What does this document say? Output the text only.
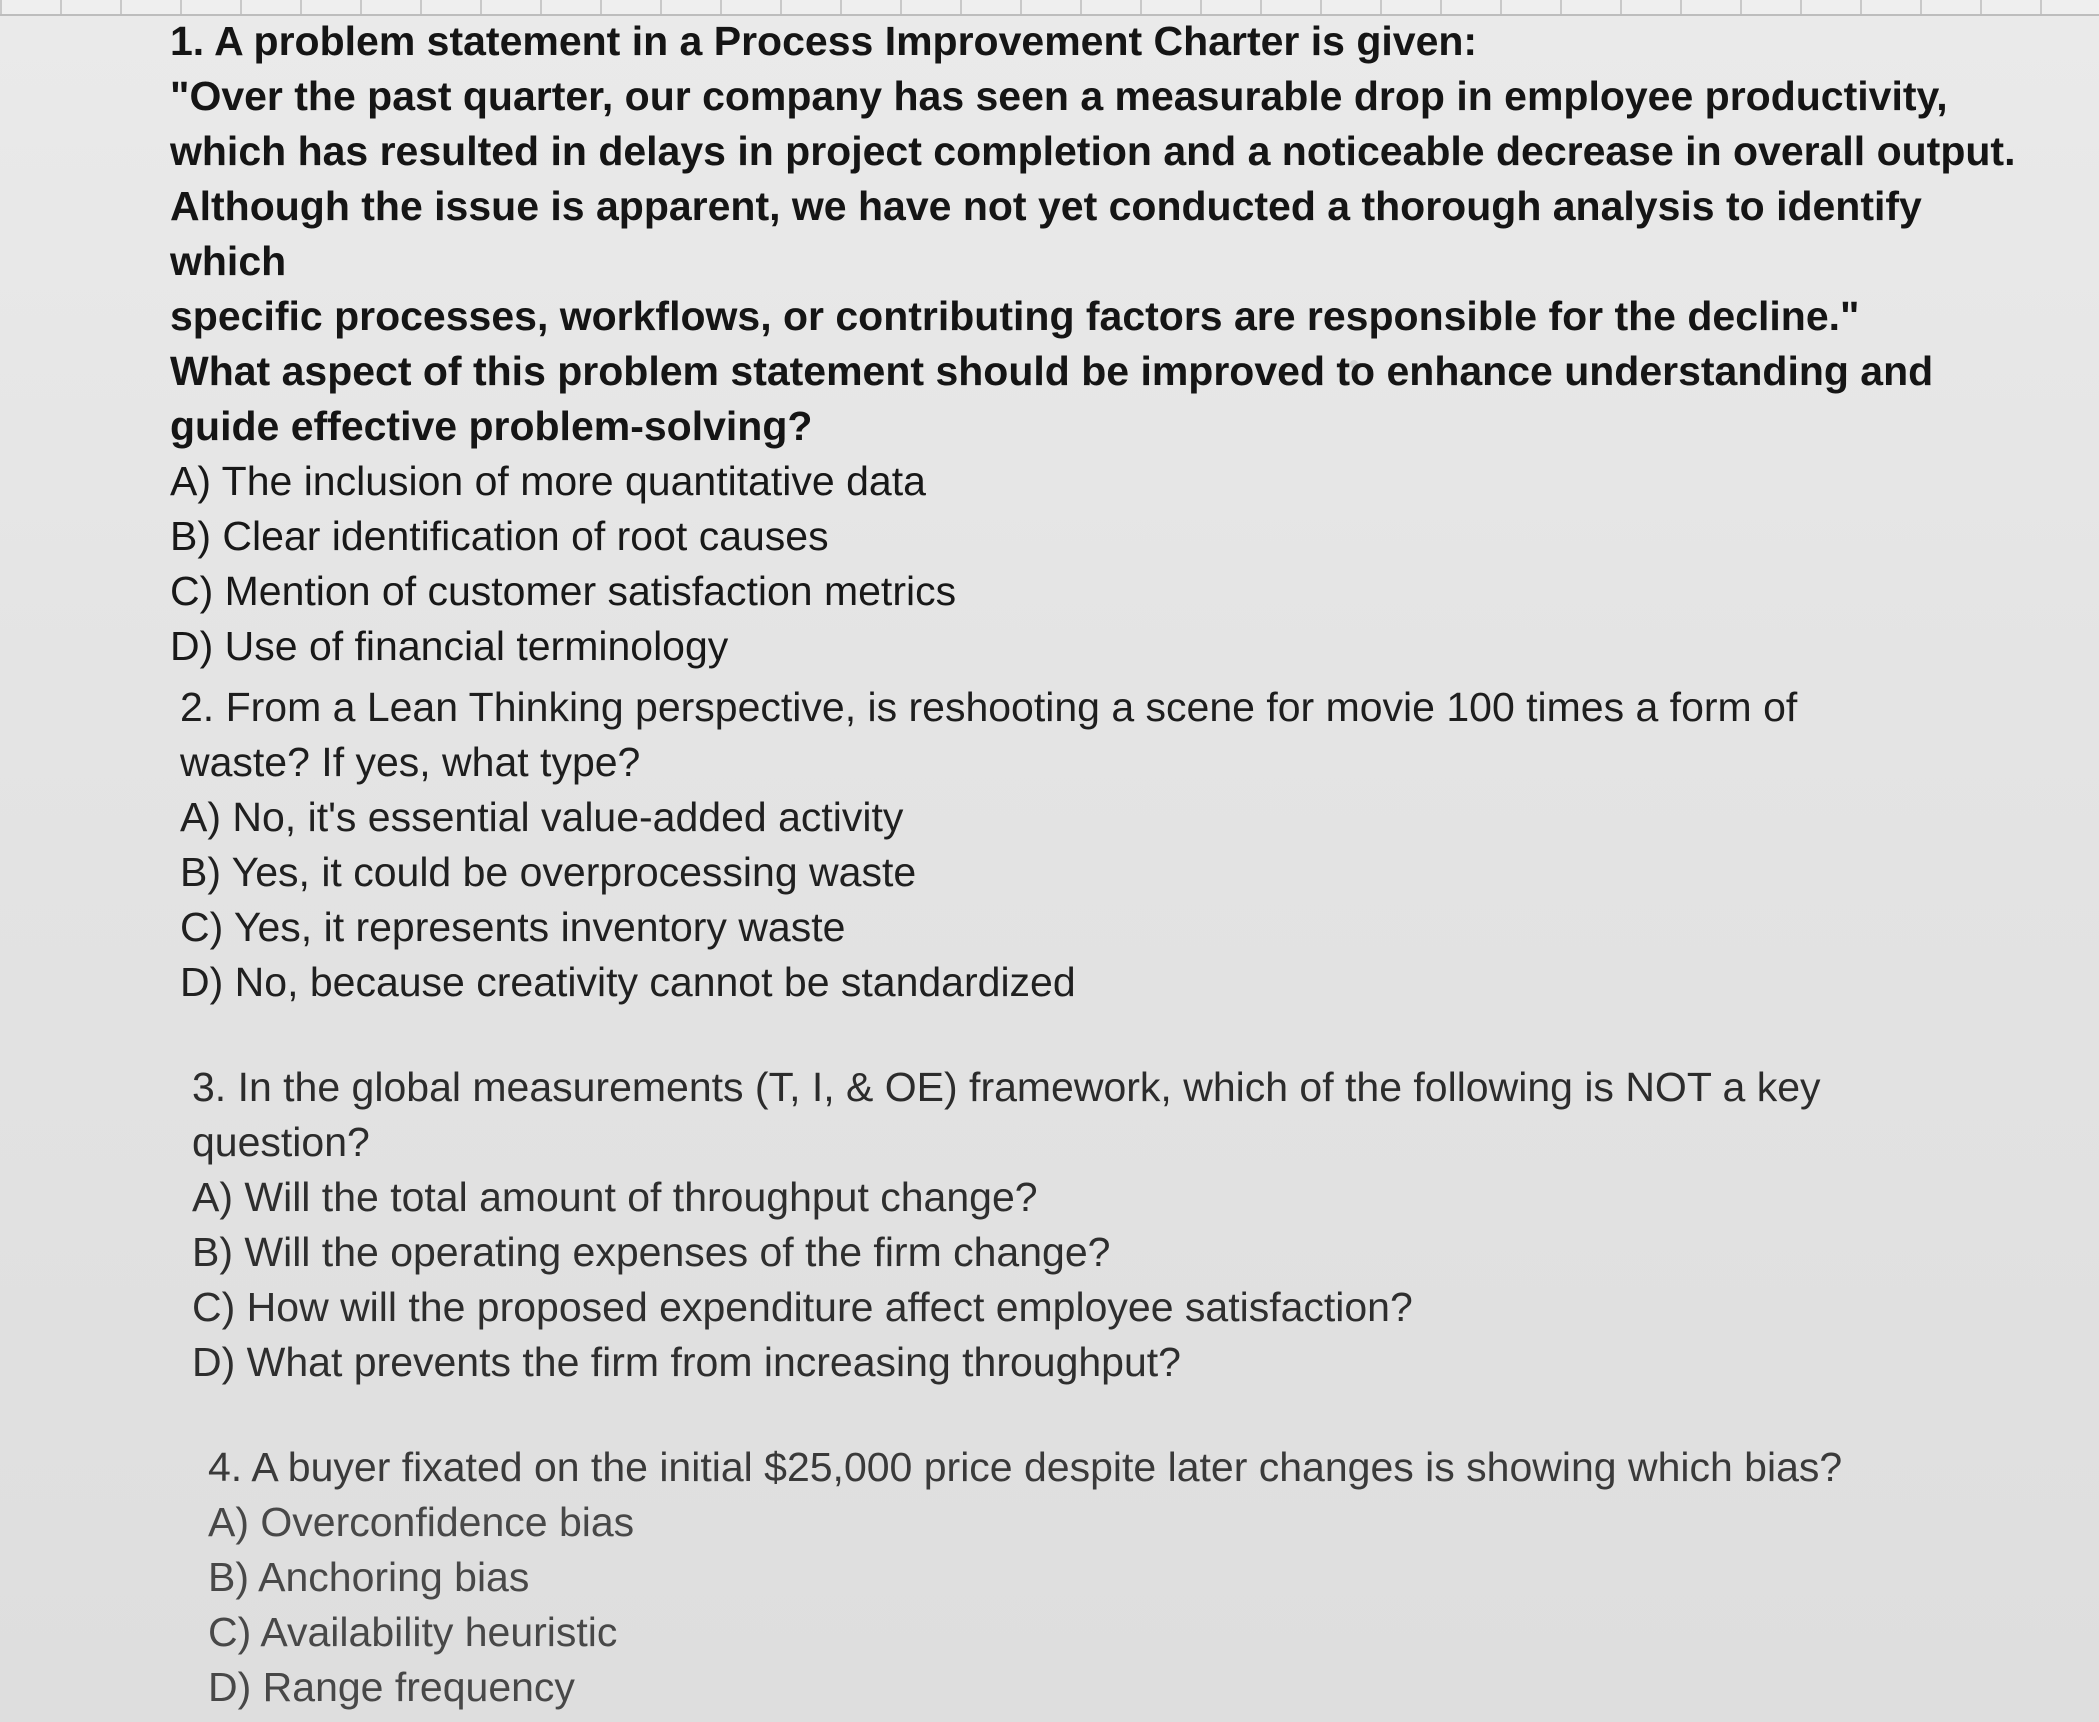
1. A problem statement in a Process Improvement Charter is given:
"Over the past quarter, our company has seen a measurable drop in employee productivity,
which has resulted in delays in project completion and a noticeable decrease in overall output.
Although the issue is apparent, we have not yet conducted a thorough analysis to identify which
specific processes, workflows, or contributing factors are responsible for the decline."
What aspect of this problem statement should be improved to enhance understanding and
guide effective problem-solving?

A) The inclusion of more quantitative data
B) Clear identification of root causes
C) Mention of customer satisfaction metrics
D) Use of financial terminology

2. From a Lean Thinking perspective, is reshooting a scene for movie 100 times a form of
waste? If yes, what type?

A) No, it's essential value-added activity
B) Yes, it could be overprocessing waste
C) Yes, it represents inventory waste
D) No, because creativity cannot be standardized

3. In the global measurements (T, I, & OE) framework, which of the following is NOT a key
question?

A) Will the total amount of throughput change?
B) Will the operating expenses of the firm change?
C) How will the proposed expenditure affect employee satisfaction?
D) What prevents the firm from increasing throughput?

4. A buyer fixated on the initial $25,000 price despite later changes is showing which bias?

A) Overconfidence bias
B) Anchoring bias
C) Availability heuristic
D) Range frequency
